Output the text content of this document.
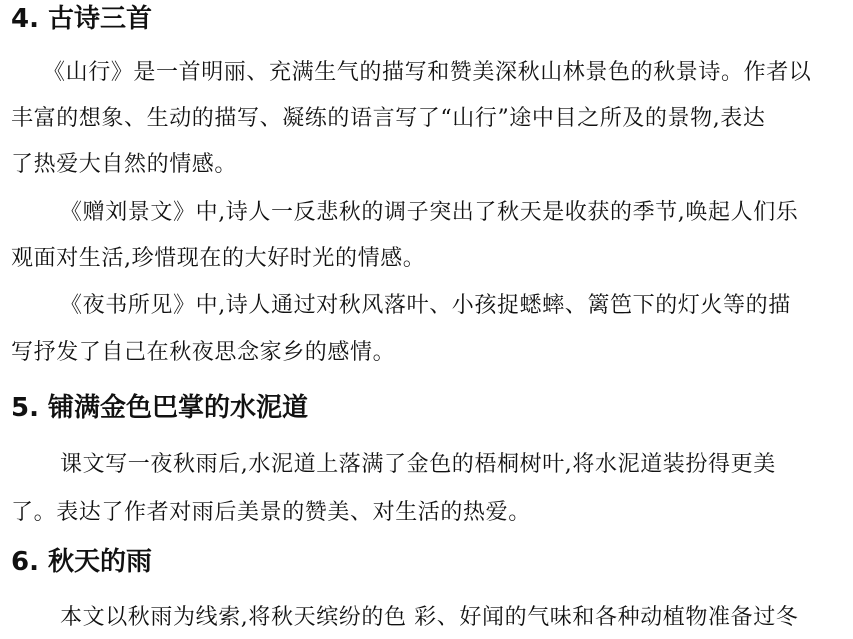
4. 古诗三首

《山行》是一首明丽、充满生气的描写和赞美深秋山林景色的秋景诗。作者以

丰富的想象、生动的描写、凝练的语言写了“山行”途中目之所及的景物,表达

了热爱大自然的情感。

《赠刘景文》中,诗人一反悲秋的调子突出了秋天是收获的季节,唤起人们乐

观面对生活,珍惜现在的大好时光的情感。

《夜书所见》中,诗人通过对秋风落叶、小孩捉蟋蟀、篱笆下的灯火等的描

写抒发了自己在秋夜思念家乡的感情。

5. 铺满金色巴掌的水泥道

课文写一夜秋雨后,水泥道上落满了金色的梧桐树叶,将水泥道装扮得更美

了。表达了作者对雨后美景的赞美、对生活的热爱。

6. 秋天的雨

本文以秋雨为线索,将秋天缤纷的色 彩、好闻的气味和各种动植物准备过冬
